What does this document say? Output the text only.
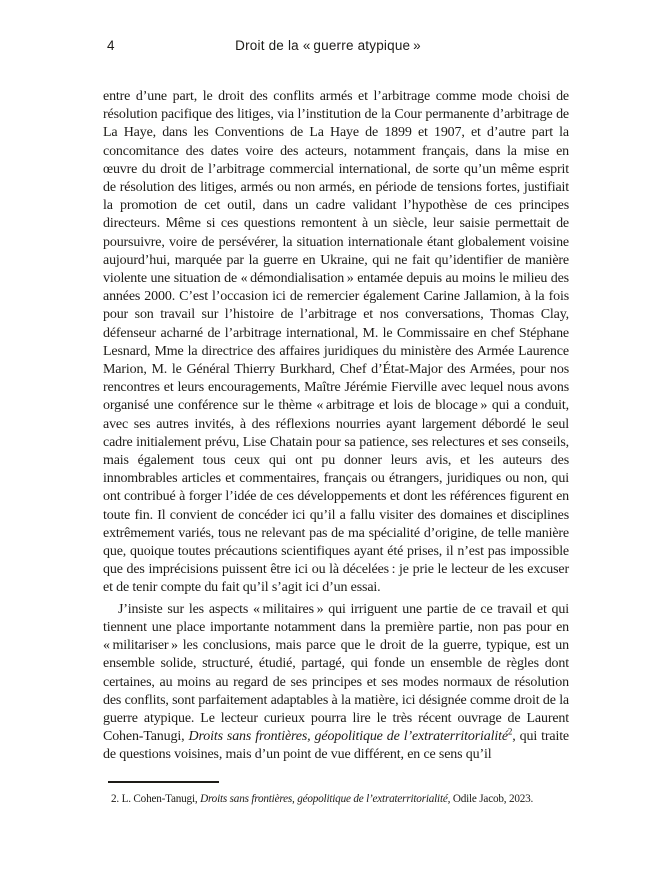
4	Droit de la « guerre atypique »

entre d’une part, le droit des conflits armés et l’arbitrage comme mode choisi de résolution pacifique des litiges, via l’institution de la Cour permanente d’arbitrage de La Haye, dans les Conventions de La Haye de 1899 et 1907, et d’autre part la concomitance des dates voire des acteurs, notamment français, dans la mise en œuvre du droit de l’arbitrage commercial international, de sorte qu’un même esprit de résolution des litiges, armés ou non armés, en période de tensions fortes, justifiait la promotion de cet outil, dans un cadre validant l’hypothèse de ces principes directeurs. Même si ces questions remontent à un siècle, leur saisie permettait de poursuivre, voire de persévérer, la situation internationale étant globalement voisine aujourd’hui, marquée par la guerre en Ukraine, qui ne fait qu’identifier de manière violente une situation de « démondialisation » entamée depuis au moins le milieu des années 2000. C’est l’occasion ici de remercier également Carine Jallamion, à la fois pour son travail sur l’histoire de l’arbitrage et nos conversations, Thomas Clay, défenseur acharné de l’arbitrage international, M. le Commissaire en chef Stéphane Lesnard, Mme la directrice des affaires juridiques du ministère des Armée Laurence Marion, M. le Général Thierry Burkhard, Chef d’État-Major des Armées, pour nos rencontres et leurs encouragements, Maître Jérémie Fierville avec lequel nous avons organisé une conférence sur le thème « arbitrage et lois de blocage » qui a conduit, avec ses autres invités, à des réflexions nourries ayant largement débordé le seul cadre initialement prévu, Lise Chatain pour sa patience, ses relectures et ses conseils, mais également tous ceux qui ont pu donner leurs avis, et les auteurs des innombrables articles et commentaires, français ou étrangers, juridiques ou non, qui ont contribué à forger l’idée de ces développements et dont les références figurent en toute fin. Il convient de concéder ici qu’il a fallu visiter des domaines et disciplines extrêmement variés, tous ne relevant pas de ma spécialité d’origine, de telle manière que, quoique toutes précautions scientifiques ayant été prises, il n’est pas impossible que des imprécisions puissent être ici ou là décelées : je prie le lecteur de les excuser et de tenir compte du fait qu’il s’agit ici d’un essai.

J’insiste sur les aspects « militaires » qui irriguent une partie de ce travail et qui tiennent une place importante notamment dans la première partie, non pas pour en « militariser » les conclusions, mais parce que le droit de la guerre, typique, est un ensemble solide, structuré, étudié, partagé, qui fonde un ensemble de règles dont certaines, au moins au regard de ses principes et ses modes normaux de résolution des conflits, sont parfaitement adaptables à la matière, ici désignée comme droit de la guerre atypique. Le lecteur curieux pourra lire le très récent ouvrage de Laurent Cohen-Tanugi, Droits sans frontières, géopolitique de l’extraterritorialité$^2$, qui traite de questions voisines, mais d’un point de vue différent, en ce sens qu’il

2. L. Cohen-Tanugi, Droits sans frontières, géopolitique de l’extraterritorialité, Odile Jacob, 2023.
